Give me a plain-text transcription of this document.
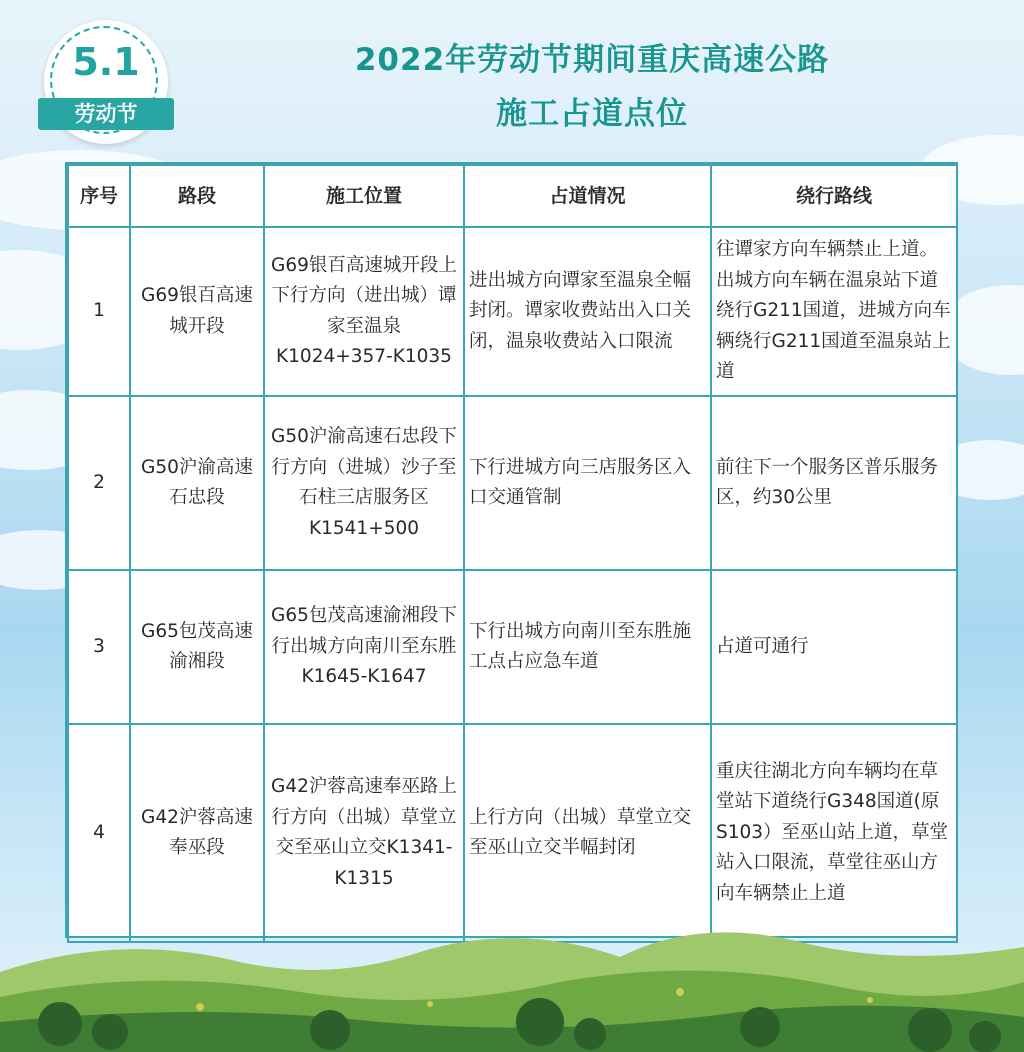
5.1
劳动节
2022年劳动节期间重庆高速公路
施工占道点位
序号	路段	施工位置	占道情况	绕行路线
1	G69银百高速城开段	G69银百高速城开段上下行方向（进出城）谭家至温泉K1024+357-K1035	进出城方向谭家至温泉全幅封闭。谭家收费站出入口关闭，温泉收费站入口限流	往谭家方向车辆禁止上道。出城方向车辆在温泉站下道绕行G211国道，进城方向车辆绕行G211国道至温泉站上道
2	G50沪渝高速石忠段	G50沪渝高速石忠段下行方向（进城）沙子至石柱三店服务区K1541+500	下行进城方向三店服务区入口交通管制	前往下一个服务区普乐服务区，约30公里
3	G65包茂高速渝湘段	G65包茂高速渝湘段下行出城方向南川至东胜K1645-K1647	下行出城方向南川至东胜施工点占应急车道	占道可通行
4	G42沪蓉高速奉巫段	G42沪蓉高速奉巫路上行方向（出城）草堂立交至巫山立交K1341-K1315	上行方向（出城）草堂立交至巫山立交半幅封闭	重庆往湖北方向车辆均在草堂站下道绕行G348国道(原S103）至巫山站上道，草堂站入口限流，草堂往巫山方向车辆禁止上道
